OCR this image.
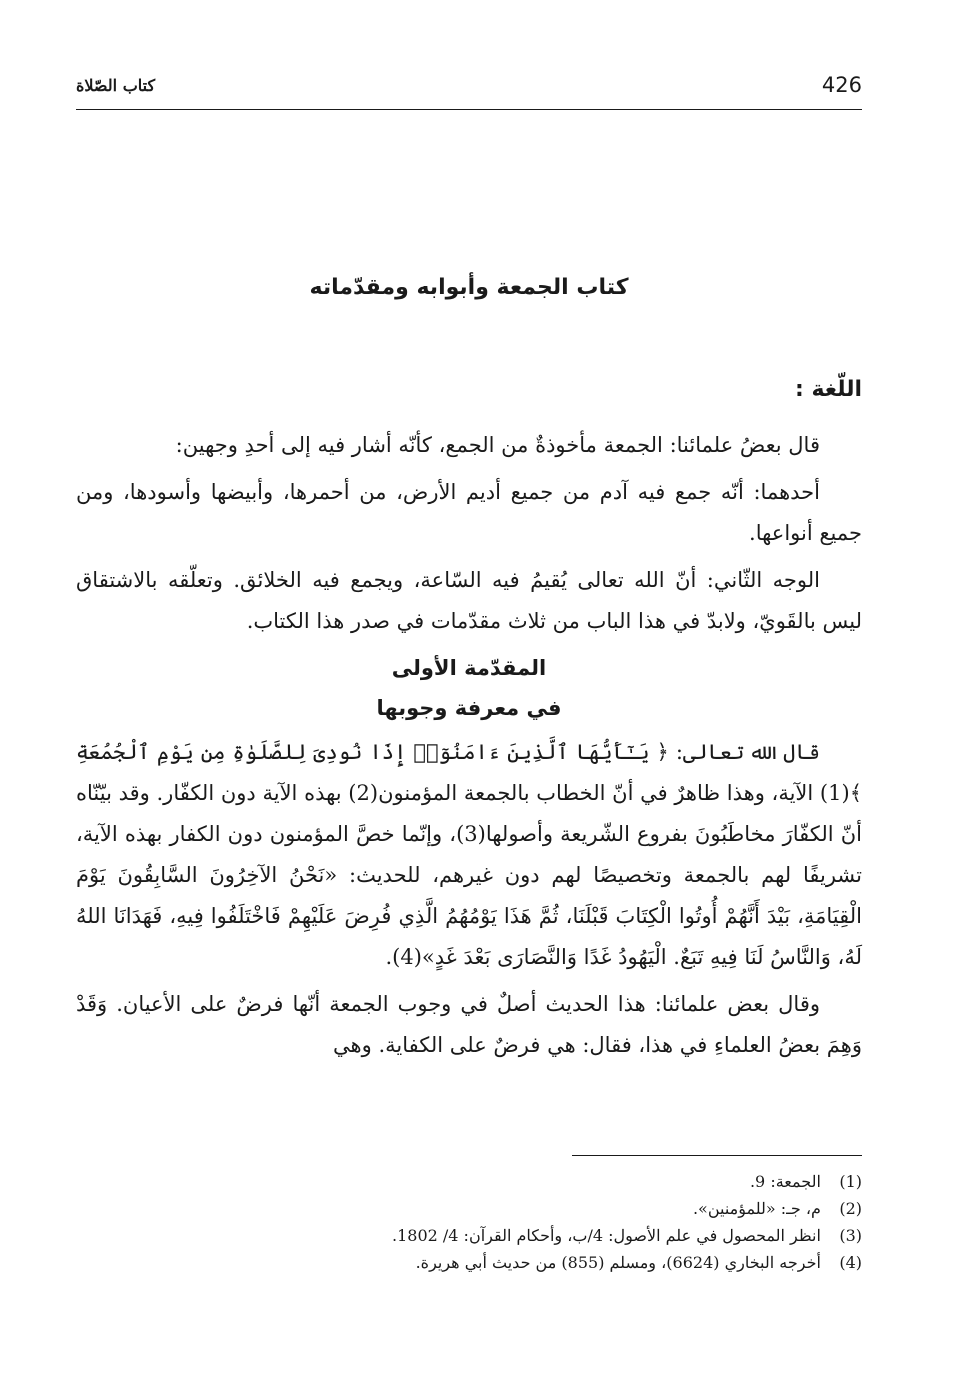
426
كتاب الصّلاة
كتاب الجمعة وأبوابه ومقدّماته
اللّغة :

قال بعضُ علمائنا: الجمعة مأخوذةٌ من الجمع، كأنّه أشار فيه إلى أحدِ وجهين:

أحدهما: أنّه جمع فيه آدم من جميع أديم الأرض، من أحمرها، وأبيضها وأسودها، ومن جميع أنواعها.

الوجه الثّاني: أنّ الله تعالى يُقيمُ فيه السّاعة، ويجمع فيه الخلائق. وتعلّقه بالاشتقاق ليس بالقَويّ، ولابدّ في هذا الباب من ثلاث مقدّمات في صدر هذا الكتاب.

المقدّمة الأولى

في معرفة وجوبها

قال الله تعالى: ﴿ يَـٰٓأَيُّهَا ٱلَّذِينَ ءَامَنُوٓا۟ إِذَا نُودِىَ لِلصَّلَوٰةِ مِن يَوْمِ ٱلْجُمُعَةِ ﴾(1) الآية، وهذا ظاهرٌ في أنّ الخطاب بالجمعة المؤمنون(2) بهذه الآية دون الكفّار. وقد بيّنّاه أنّ الكفّارَ مخاطَبُونَ بفروع الشّريعة وأصولها(3)، وإنّما خصَّ المؤمنون دون الكفار بهذه الآية، تشريفًا لهم بالجمعة وتخصيصًا لهم دون غيرهم، للحديث: «نَحْنُ الآخِرُونَ السَّابِقُونَ يَوْمَ الْقِيَامَةِ، بَيْدَ أَنَّهُمْ أُوتُوا الْكِتَابَ قَبْلَنَا، ثُمَّ هَذَا يَوْمُهُمُ الَّذِي فُرِضَ عَلَيْهِمْ فَاخْتَلَفُوا فِيهِ، فَهَدَانَا اللهُ لَهُ، وَالنَّاسُ لَنَا فِيهِ تَبَعٌ. الْيَهُودُ غَدًا وَالنَّصَارَى بَعْدَ غَدٍ»(4).

وقال بعض علمائنا: هذا الحديث أصلٌ في وجوب الجمعة أنّها فرضٌ على الأعيان. وَقَدْ وَهِمَ بعضُ العلماءِ في هذا، فقال: هي فرضٌ على الكفاية. وهي

(1) الجمعة: 9.
(2) م، جـ: «للمؤمنين».
(3) انظر المحصول في علم الأصول: 4/ب، وأحكام القرآن: 4/ 1802.
(4) أخرجه البخاري (6624)، ومسلم (855) من حديث أبي هريرة.
